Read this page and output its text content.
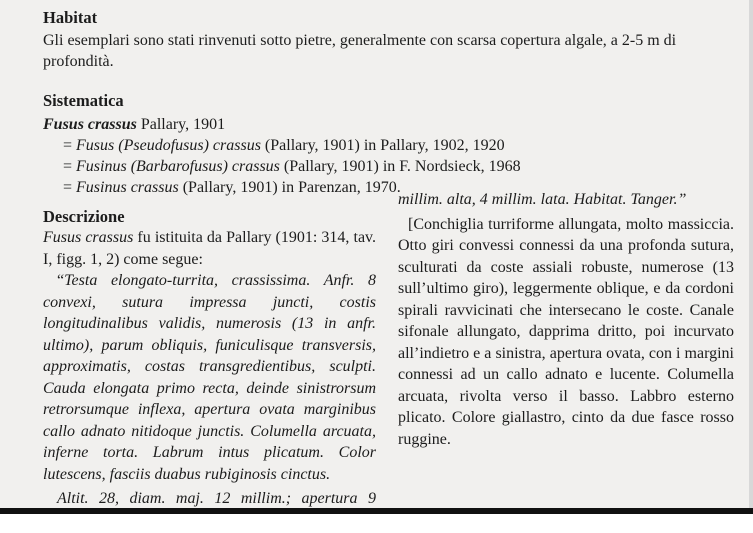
Habitat

Gli esemplari sono stati rinvenuti sotto pietre, generalmente con scarsa copertura algale, a 2-5 m di profondità.

Sistematica
Fusus crassus Pallary, 1901
= Fusus (Pseudofusus) crassus (Pallary, 1901) in Pallary, 1902, 1920
= Fusinus (Barbarofusus) crassus (Pallary, 1901) in F. Nordsieck, 1968
= Fusinus crassus (Pallary, 1901) in Parenzan, 1970.
Descrizione

Fusus crassus fu istituita da Pallary (1901: 314, tav. I, figg. 1, 2) come segue:

“Testa elongato-turrita, crassissima. Anfr. 8 convexi, sutura impressa juncti, costis longitudinalibus validis, numerosis (13 in anfr. ultimo), parum obliquis, funiculisque transversis, approximatis, costas transgredientibus, sculpti. Cauda elongata primo recta, deinde sinistrorsum retrorsumque inflexa, apertura ovata marginibus callo adnato nitidoque junctis. Columella arcuata, inferne torta. Labrum intus plicatum. Color lutescens, fasciis duabus rubiginosis cinctus.

Altit. 28, diam. maj. 12 millim.; apertura 9

millim. alta, 4 millim. lata. Habitat. Tanger.”

[Conchiglia turriforme allungata, molto massiccia. Otto giri convessi connessi da una profonda sutura, sculturati da coste assiali robuste, numerose (13 sull’ultimo giro), leggermente oblique, e da cordoni spirali ravvicinati che intersecano le coste. Canale sifonale allungato, dapprima dritto, poi incurvato all’indietro e a sinistra, apertura ovata, con i margini connessi ad un callo adnato e lucente. Columella arcuata, rivolta verso il basso. Labbro esterno plicato. Colore giallastro, cinto da due fasce rosso ruggine.
